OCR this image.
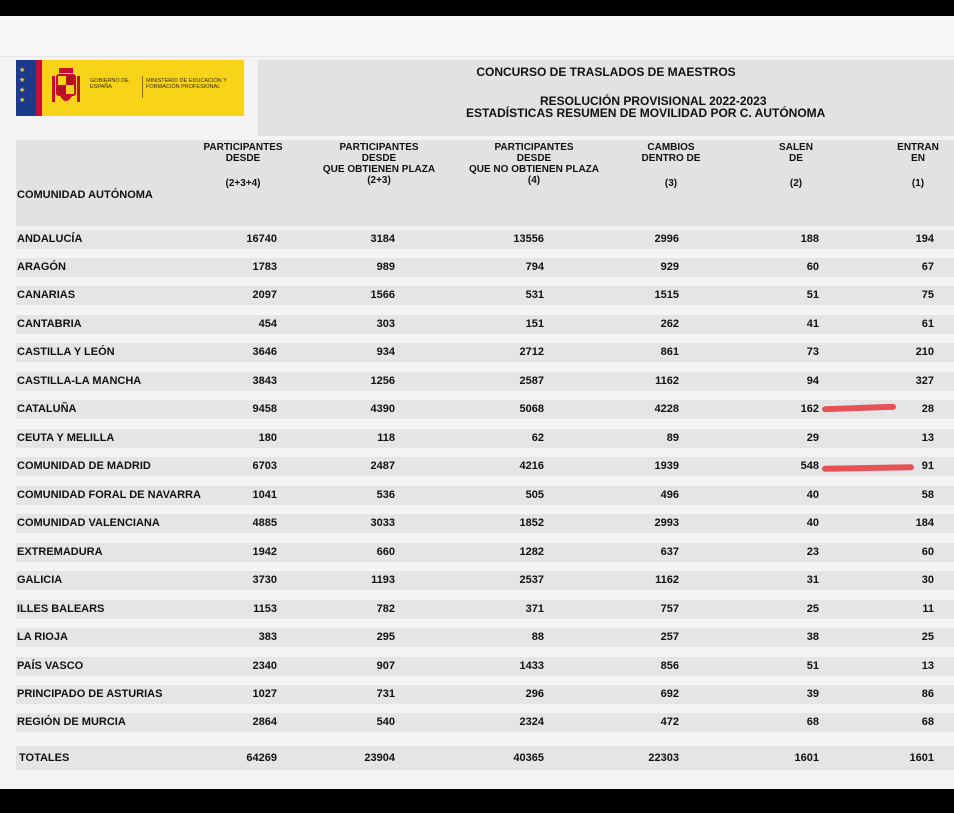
★
★
★
★
GOBIERNO DE ESPAÑA
MINISTERIO DE EDUCACIÓN Y FORMACIÓN PROFESIONAL
CONCURSO DE TRASLADOS DE MAESTROS
RESOLUCIÓN PROVISIONAL 2022-2023
ESTADÍSTICAS RESUMEN DE MOVILIDAD POR C. AUTÓNOMA
COMUNIDAD AUTÓNOMA
PARTICIPANTES
DESDE
(2+3+4)
PARTICIPANTES
DESDE
QUE OBTIENEN PLAZA
(2+3)
PARTICIPANTES
DESDE
QUE NO OBTIENEN PLAZA
(4)
CAMBIOS
DENTRO DE
(3)
SALEN
DE
(2)
ENTRAN
EN
(1)
ANDALUCÍA	16740	3184	13556	2996	188	194
ARAGÓN	1783	989	794	929	60	67
CANARIAS	2097	1566	531	1515	51	75
CANTABRIA	454	303	151	262	41	61
CASTILLA Y LEÓN	3646	934	2712	861	73	210
CASTILLA-LA MANCHA	3843	1256	2587	1162	94	327
CATALUÑA	9458	4390	5068	4228	162	28
CEUTA Y MELILLA	180	118	62	89	29	13
COMUNIDAD DE MADRID	6703	2487	4216	1939	548	91
COMUNIDAD FORAL DE NAVARRA	1041	536	505	496	40	58
COMUNIDAD VALENCIANA	4885	3033	1852	2993	40	184
EXTREMADURA	1942	660	1282	637	23	60
GALICIA	3730	1193	2537	1162	31	30
ILLES BALEARS	1153	782	371	757	25	11
LA RIOJA	383	295	88	257	38	25
PAÍS VASCO	2340	907	1433	856	51	13
PRINCIPADO DE ASTURIAS	1027	731	296	692	39	86
REGIÓN DE MURCIA	2864	540	2324	472	68	68
TOTALES	64269	23904	40365	22303	1601	1601
